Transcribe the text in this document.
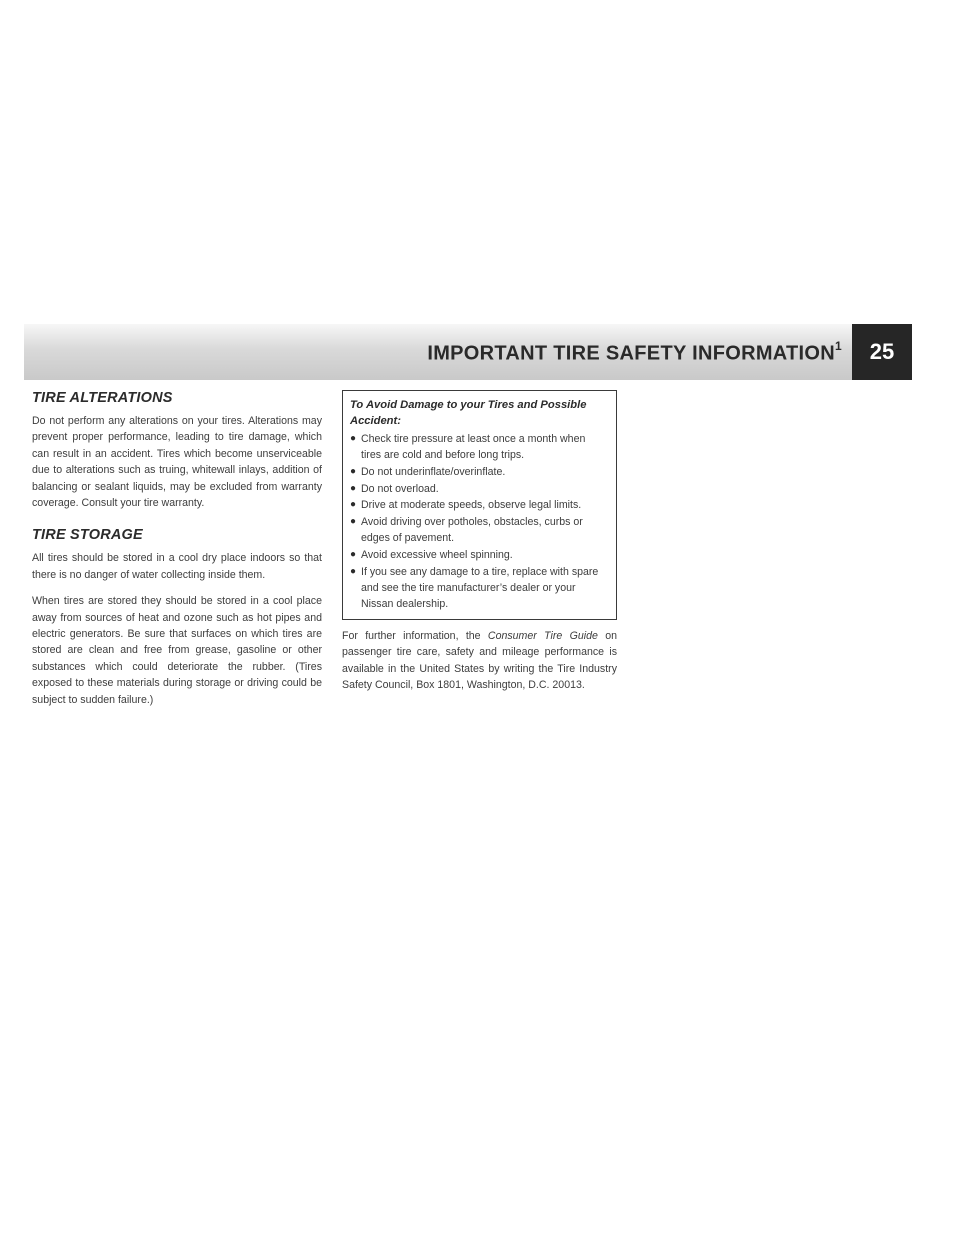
IMPORTANT TIRE SAFETY INFORMATION$^1$	25
TIRE ALTERATIONS

Do not perform any alterations on your tires. Alterations may prevent proper performance, leading to tire damage, which can result in an accident. Tires which become unserviceable due to alterations such as truing, whitewall inlays, addition of balancing or sealant liquids, may be excluded from warranty coverage. Consult your tire warranty.

TIRE STORAGE

All tires should be stored in a cool dry place indoors so that there is no danger of water collecting inside them.

When tires are stored they should be stored in a cool place away from sources of heat and ozone such as hot pipes and electric generators. Be sure that surfaces on which tires are stored are clean and free from grease, gasoline or other substances which could deteriorate the rubber. (Tires exposed to these materials during storage or driving could be subject to sudden failure.)

To Avoid Damage to your Tires and Possible Accident:
● Check tire pressure at least once a month when tires are cold and before long trips.
● Do not underinflate/overinflate.
● Do not overload.
● Drive at moderate speeds, observe legal limits.
● Avoid driving over potholes, obstacles, curbs or edges of pavement.
● Avoid excessive wheel spinning.
● If you see any damage to a tire, replace with spare and see the tire manufacturer’s dealer or your Nissan dealership.

For further information, the Consumer Tire Guide on passenger tire care, safety and mileage performance is available in the United States by writing the Tire Industry Safety Council, Box 1801, Washington, D.C. 20013.
